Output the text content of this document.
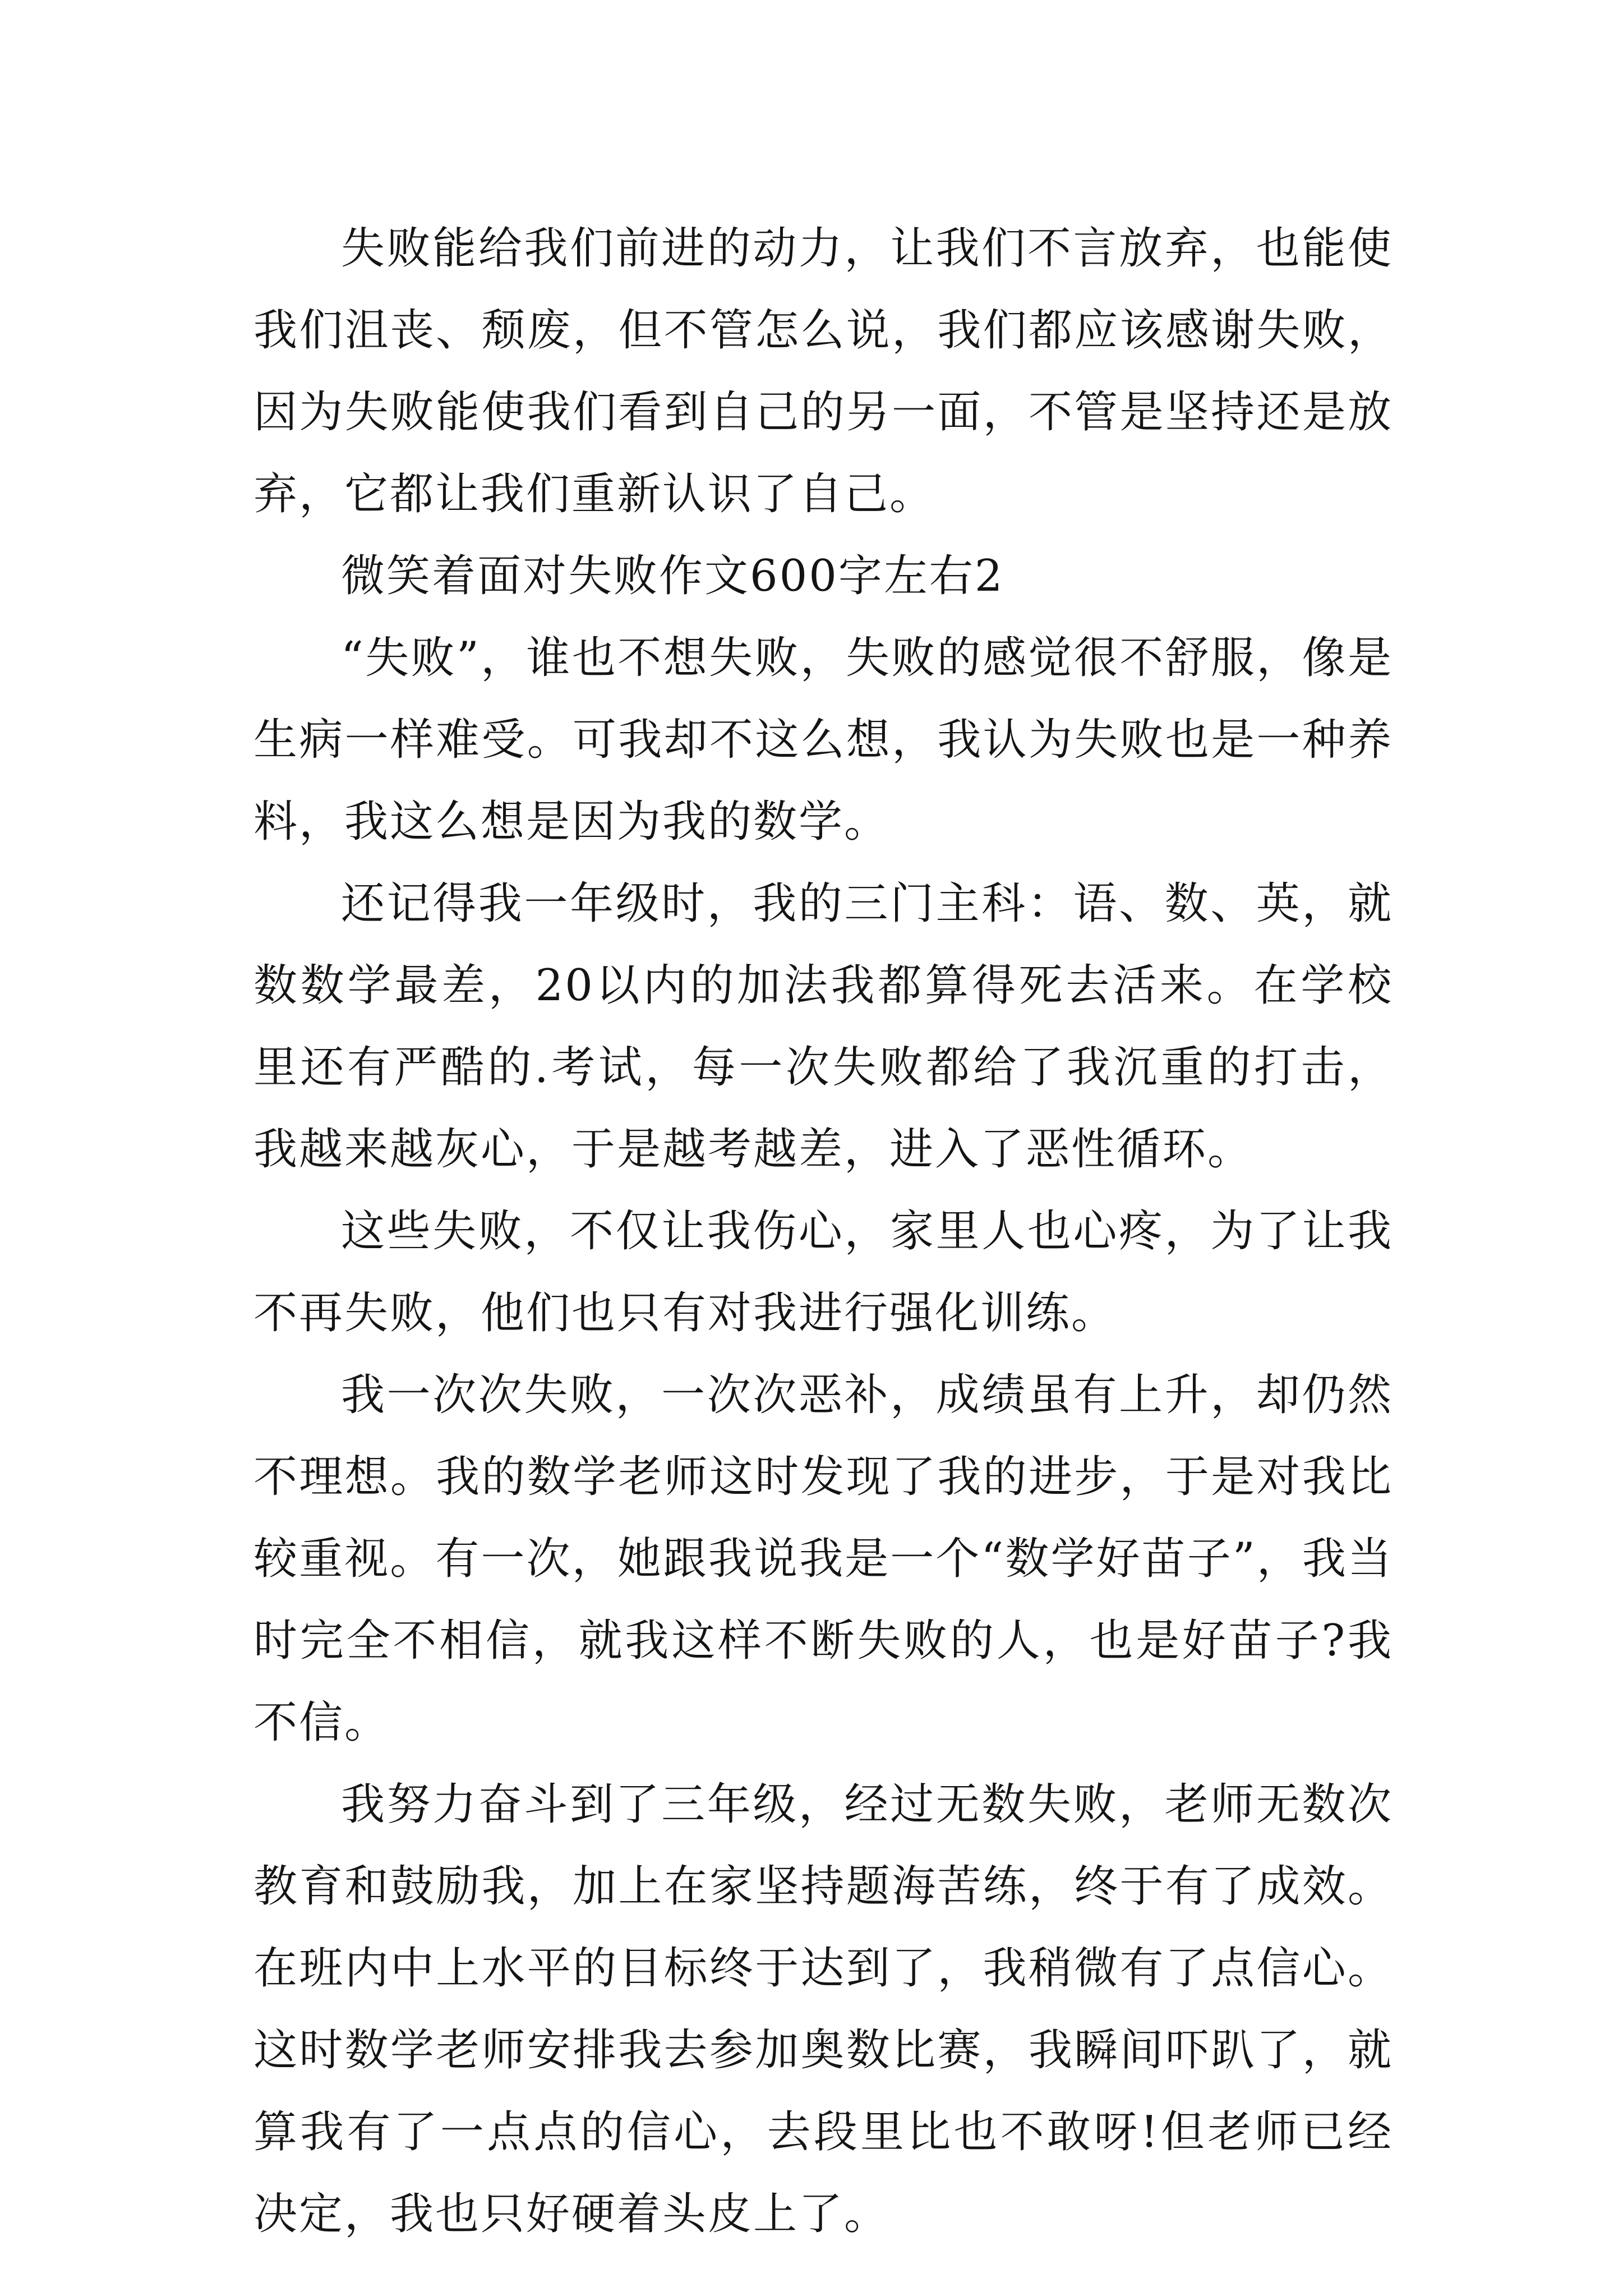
失败能给我们前进的动力，让我们不言放弃，也能使我们沮丧、颓废，但不管怎么说，我们都应该感谢失败，因为失败能使我们看到自己的另一面，不管是坚持还是放弃，它都让我们重新认识了自己。

微笑着面对失败作文600字左右2

“失败”，谁也不想失败，失败的感觉很不舒服，像是生病一样难受。可我却不这么想，我认为失败也是一种养料，我这么想是因为我的数学。

还记得我一年级时，我的三门主科：语、数、英，就数数学最差，20以内的加法我都算得死去活来。在学校里还有严酷的.考试，每一次失败都给了我沉重的打击，我越来越灰心，于是越考越差，进入了恶性循环。

这些失败，不仅让我伤心，家里人也心疼，为了让我不再失败，他们也只有对我进行强化训练。

我一次次失败，一次次恶补，成绩虽有上升，却仍然不理想。我的数学老师这时发现了我的进步，于是对我比较重视。有一次，她跟我说我是一个“数学好苗子”，我当时完全不相信，就我这样不断失败的人，也是好苗子?我不信。

我努力奋斗到了三年级，经过无数失败，老师无数次教育和鼓励我，加上在家坚持题海苦练，终于有了成效。在班内中上水平的目标终于达到了，我稍微有了点信心。这时数学老师安排我去参加奥数比赛，我瞬间吓趴了，就算我有了一点点的信心，去段里比也不敢呀!但老师已经决定，我也只好硬着头皮上了。
